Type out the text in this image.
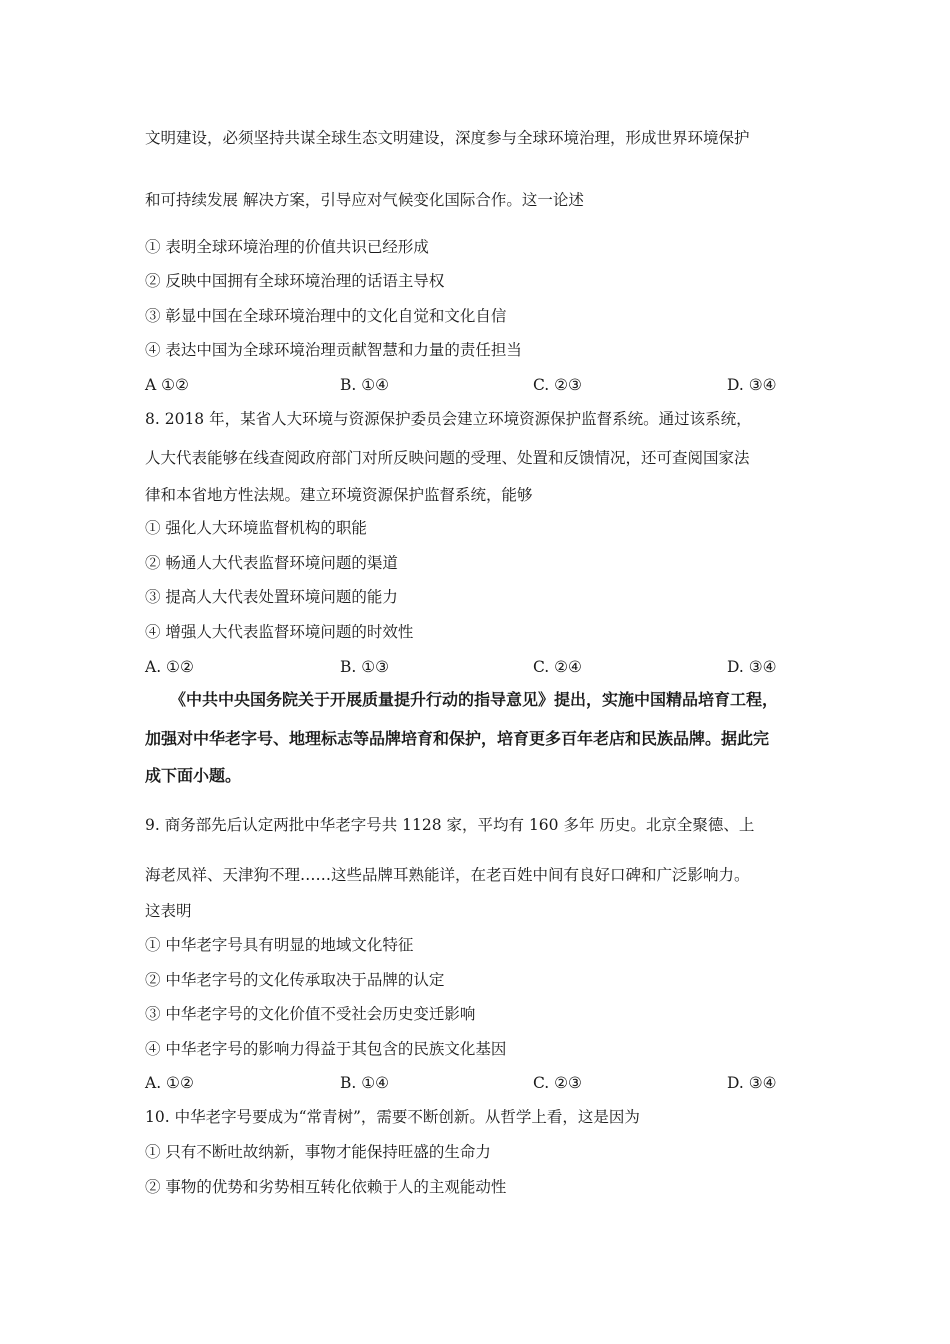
文明建设，必须坚持共谋全球生态文明建设，深度参与全球环境治理，形成世界环境保护
和可持续发展 解决方案，引导应对气候变化国际合作。这一论述
① 表明全球环境治理的价值共识已经形成
② 反映中国拥有全球环境治理的话语主导权
③ 彰显中国在全球环境治理中的文化自觉和文化自信
④ 表达中国为全球环境治理贡献智慧和力量的责任担当
A ①②	B. ①④	C. ②③	D. ③④
8. 2018 年，某省人大环境与资源保护委员会建立环境资源保护监督系统。通过该系统，
人大代表能够在线查阅政府部门对所反映问题的受理、处置和反馈情况，还可查阅国家法
律和本省地方性法规。建立环境资源保护监督系统，能够
① 强化人大环境监督机构的职能
② 畅通人大代表监督环境问题的渠道
③ 提高人大代表处置环境问题的能力
④ 增强人大代表监督环境问题的时效性
A. ①②	B. ①③	C. ②④	D. ③④
《中共中央国务院关于开展质量提升行动的指导意见》提出，实施中国精品培育工程，
加强对中华老字号、地理标志等品牌培育和保护，培育更多百年老店和民族品牌。据此完
成下面小题。
9. 商务部先后认定两批中华老字号共 1128 家，平均有 160 多年 历史。北京全聚德、上
海老凤祥、天津狗不理……这些品牌耳熟能详，在老百姓中间有良好口碑和广泛影响力。
这表明
① 中华老字号具有明显的地域文化特征
② 中华老字号的文化传承取决于品牌的认定
③ 中华老字号的文化价值不受社会历史变迁影响
④ 中华老字号的影响力得益于其包含的民族文化基因
A. ①②	B. ①④	C. ②③	D. ③④
10. 中华老字号要成为“常青树”，需要不断创新。从哲学上看，这是因为
① 只有不断吐故纳新，事物才能保持旺盛的生命力
② 事物的优势和劣势相互转化依赖于人的主观能动性
